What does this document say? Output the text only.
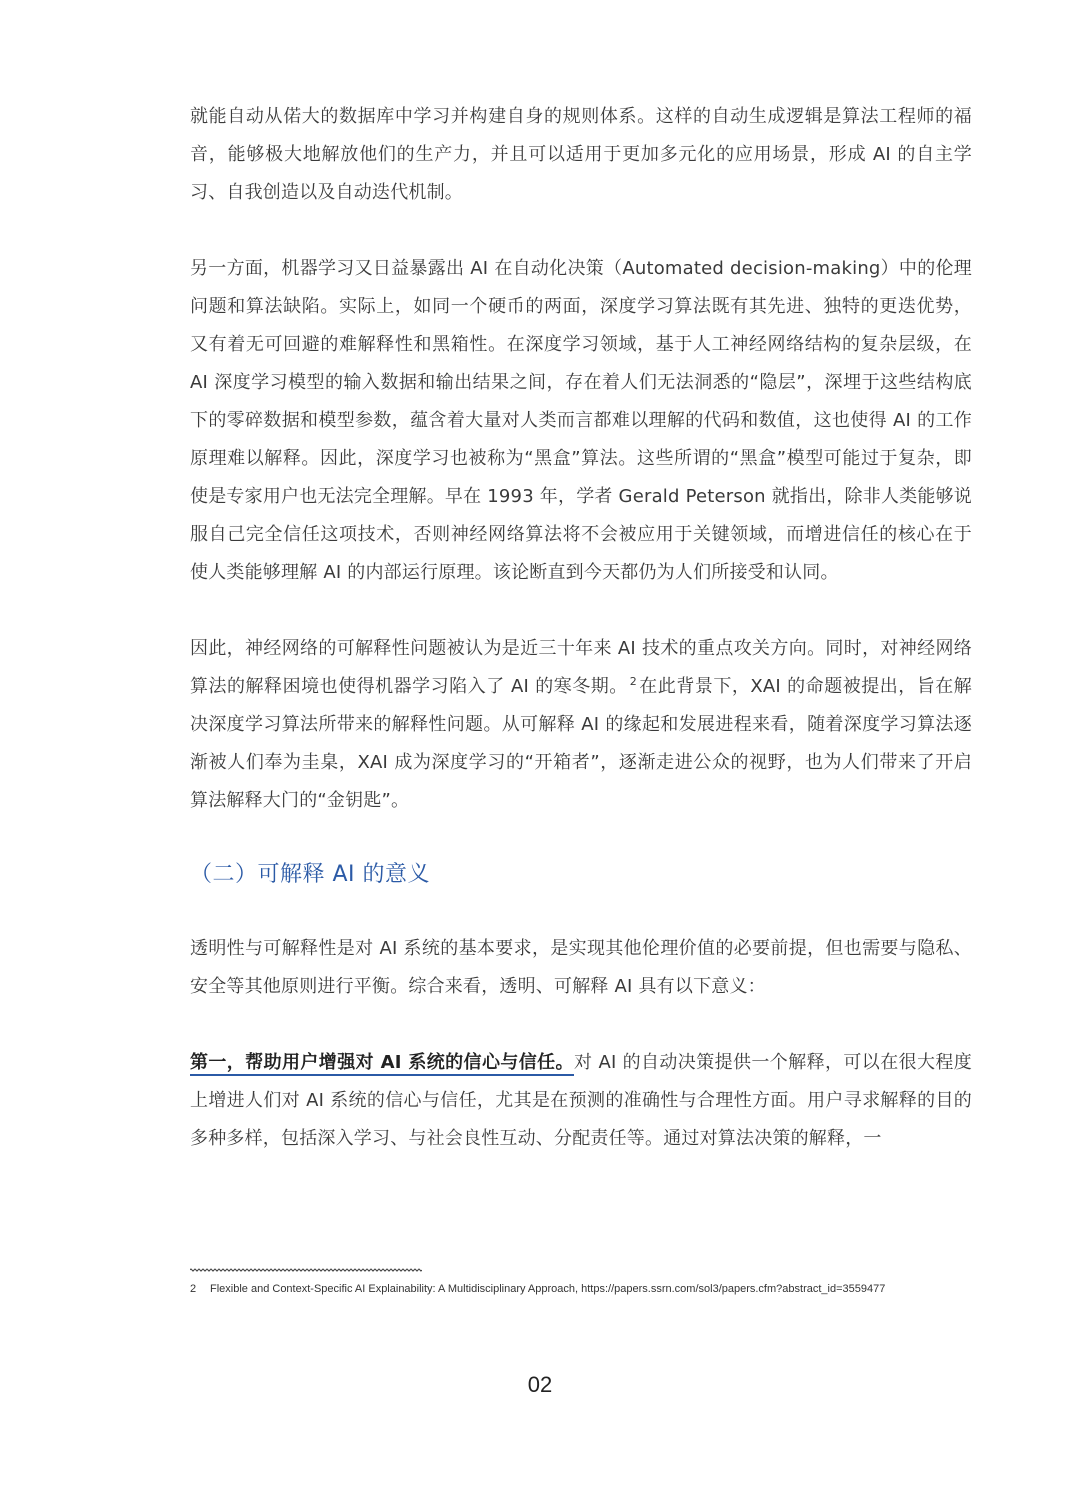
就能自动从偌大的数据库中学习并构建自身的规则体系。这样的自动生成逻辑是算法工程师的福音，能够极大地解放他们的生产力，并且可以适用于更加多元化的应用场景，形成 AI 的自主学习、自我创造以及自动迭代机制。

另一方面，机器学习又日益暴露出 AI 在自动化决策（Automated decision-making）中的伦理问题和算法缺陷。实际上，如同一个硬币的两面，深度学习算法既有其先进、独特的更迭优势，又有着无可回避的难解释性和黑箱性。在深度学习领域，基于人工神经网络结构的复杂层级，在 AI 深度学习模型的输入数据和输出结果之间，存在着人们无法洞悉的“隐层”，深埋于这些结构底下的零碎数据和模型参数，蕴含着大量对人类而言都难以理解的代码和数值，这也使得 AI 的工作原理难以解释。因此，深度学习也被称为“黑盒”算法。这些所谓的“黑盒”模型可能过于复杂，即使是专家用户也无法完全理解。早在 1993 年，学者 Gerald Peterson 就指出，除非人类能够说服自己完全信任这项技术，否则神经网络算法将不会被应用于关键领域，而增进信任的核心在于使人类能够理解 AI 的内部运行原理。该论断直到今天都仍为人们所接受和认同。

因此，神经网络的可解释性问题被认为是近三十年来 AI 技术的重点攻关方向。同时，对神经网络算法的解释困境也使得机器学习陷入了 AI 的寒冬期。 $^2$ 在此背景下，XAI 的命题被提出，旨在解决深度学习算法所带来的解释性问题。从可解释 AI 的缘起和发展进程来看，随着深度学习算法逐渐被人们奉为圭臬，XAI 成为深度学习的“开箱者”，逐渐走进公众的视野，也为人们带来了开启算法解释大门的“金钥匙”。

（二）可解释 AI 的意义

透明性与可解释性是对 AI 系统的基本要求，是实现其他伦理价值的必要前提，但也需要与隐私、安全等其他原则进行平衡。综合来看，透明、可解释 AI 具有以下意义：

第一，帮助用户增强对 AI 系统的信心与信任。对 AI 的自动决策提供一个解释，可以在很大程度上增进人们对 AI 系统的信心与信任，尤其是在预测的准确性与合理性方面。用户寻求解释的目的多种多样，包括深入学习、与社会良性互动、分配责任等。通过对算法决策的解释，一

2 Flexible and Context-Specific AI Explainability: A Multidisciplinary Approach, https://papers.ssrn.com/sol3/papers.cfm?abstract_id=3559477
02
